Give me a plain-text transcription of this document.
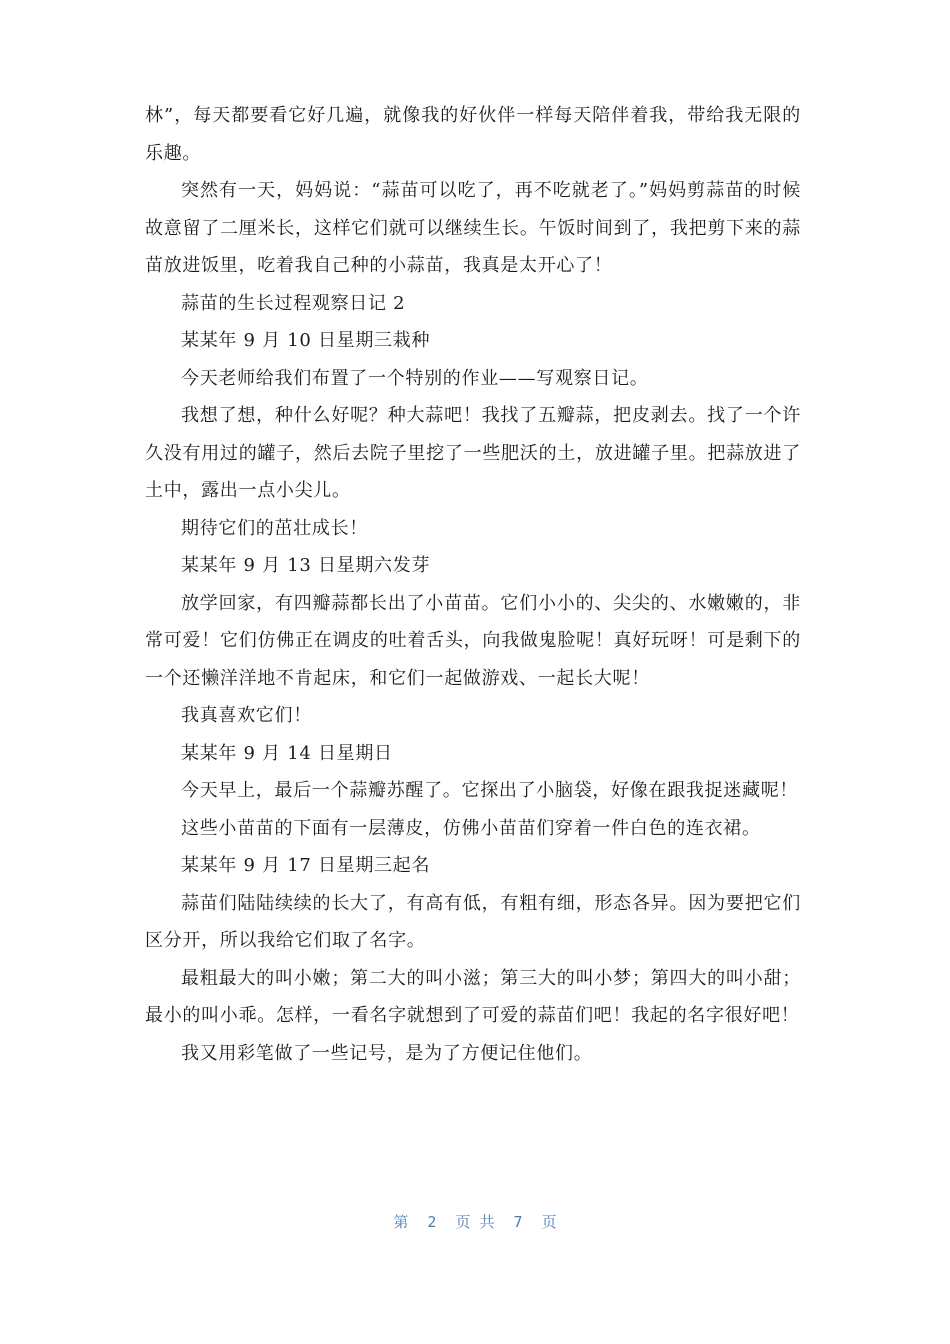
林”，每天都要看它好几遍，就像我的好伙伴一样每天陪伴着我，带给我无限的乐趣。

突然有一天，妈妈说：“蒜苗可以吃了，再不吃就老了。”妈妈剪蒜苗的时候故意留了二厘米长，这样它们就可以继续生长。午饭时间到了，我把剪下来的蒜苗放进饭里，吃着我自己种的小蒜苗，我真是太开心了！

蒜苗的生长过程观察日记 2

某某年 9 月 10 日星期三栽种

今天老师给我们布置了一个特别的作业——写观察日记。

我想了想，种什么好呢？种大蒜吧！我找了五瓣蒜，把皮剥去。找了一个许久没有用过的罐子，然后去院子里挖了一些肥沃的土，放进罐子里。把蒜放进了土中，露出一点小尖儿。

期待它们的茁壮成长！

某某年 9 月 13 日星期六发芽

放学回家，有四瓣蒜都长出了小苗苗。它们小小的、尖尖的、水嫩嫩的，非常可爱！它们仿佛正在调皮的吐着舌头，向我做鬼脸呢！真好玩呀！可是剩下的一个还懒洋洋地不肯起床，和它们一起做游戏、一起长大呢！

我真喜欢它们！

某某年 9 月 14 日星期日

今天早上，最后一个蒜瓣苏醒了。它探出了小脑袋，好像在跟我捉迷藏呢！

这些小苗苗的下面有一层薄皮，仿佛小苗苗们穿着一件白色的连衣裙。

某某年 9 月 17 日星期三起名

蒜苗们陆陆续续的长大了，有高有低，有粗有细，形态各异。因为要把它们区分开，所以我给它们取了名字。

最粗最大的叫小嫩；第二大的叫小滋；第三大的叫小梦；第四大的叫小甜；最小的叫小乖。怎样，一看名字就想到了可爱的蒜苗们吧！我起的名字很好吧！

我又用彩笔做了一些记号，是为了方便记住他们。

第 2 页 共 7 页
